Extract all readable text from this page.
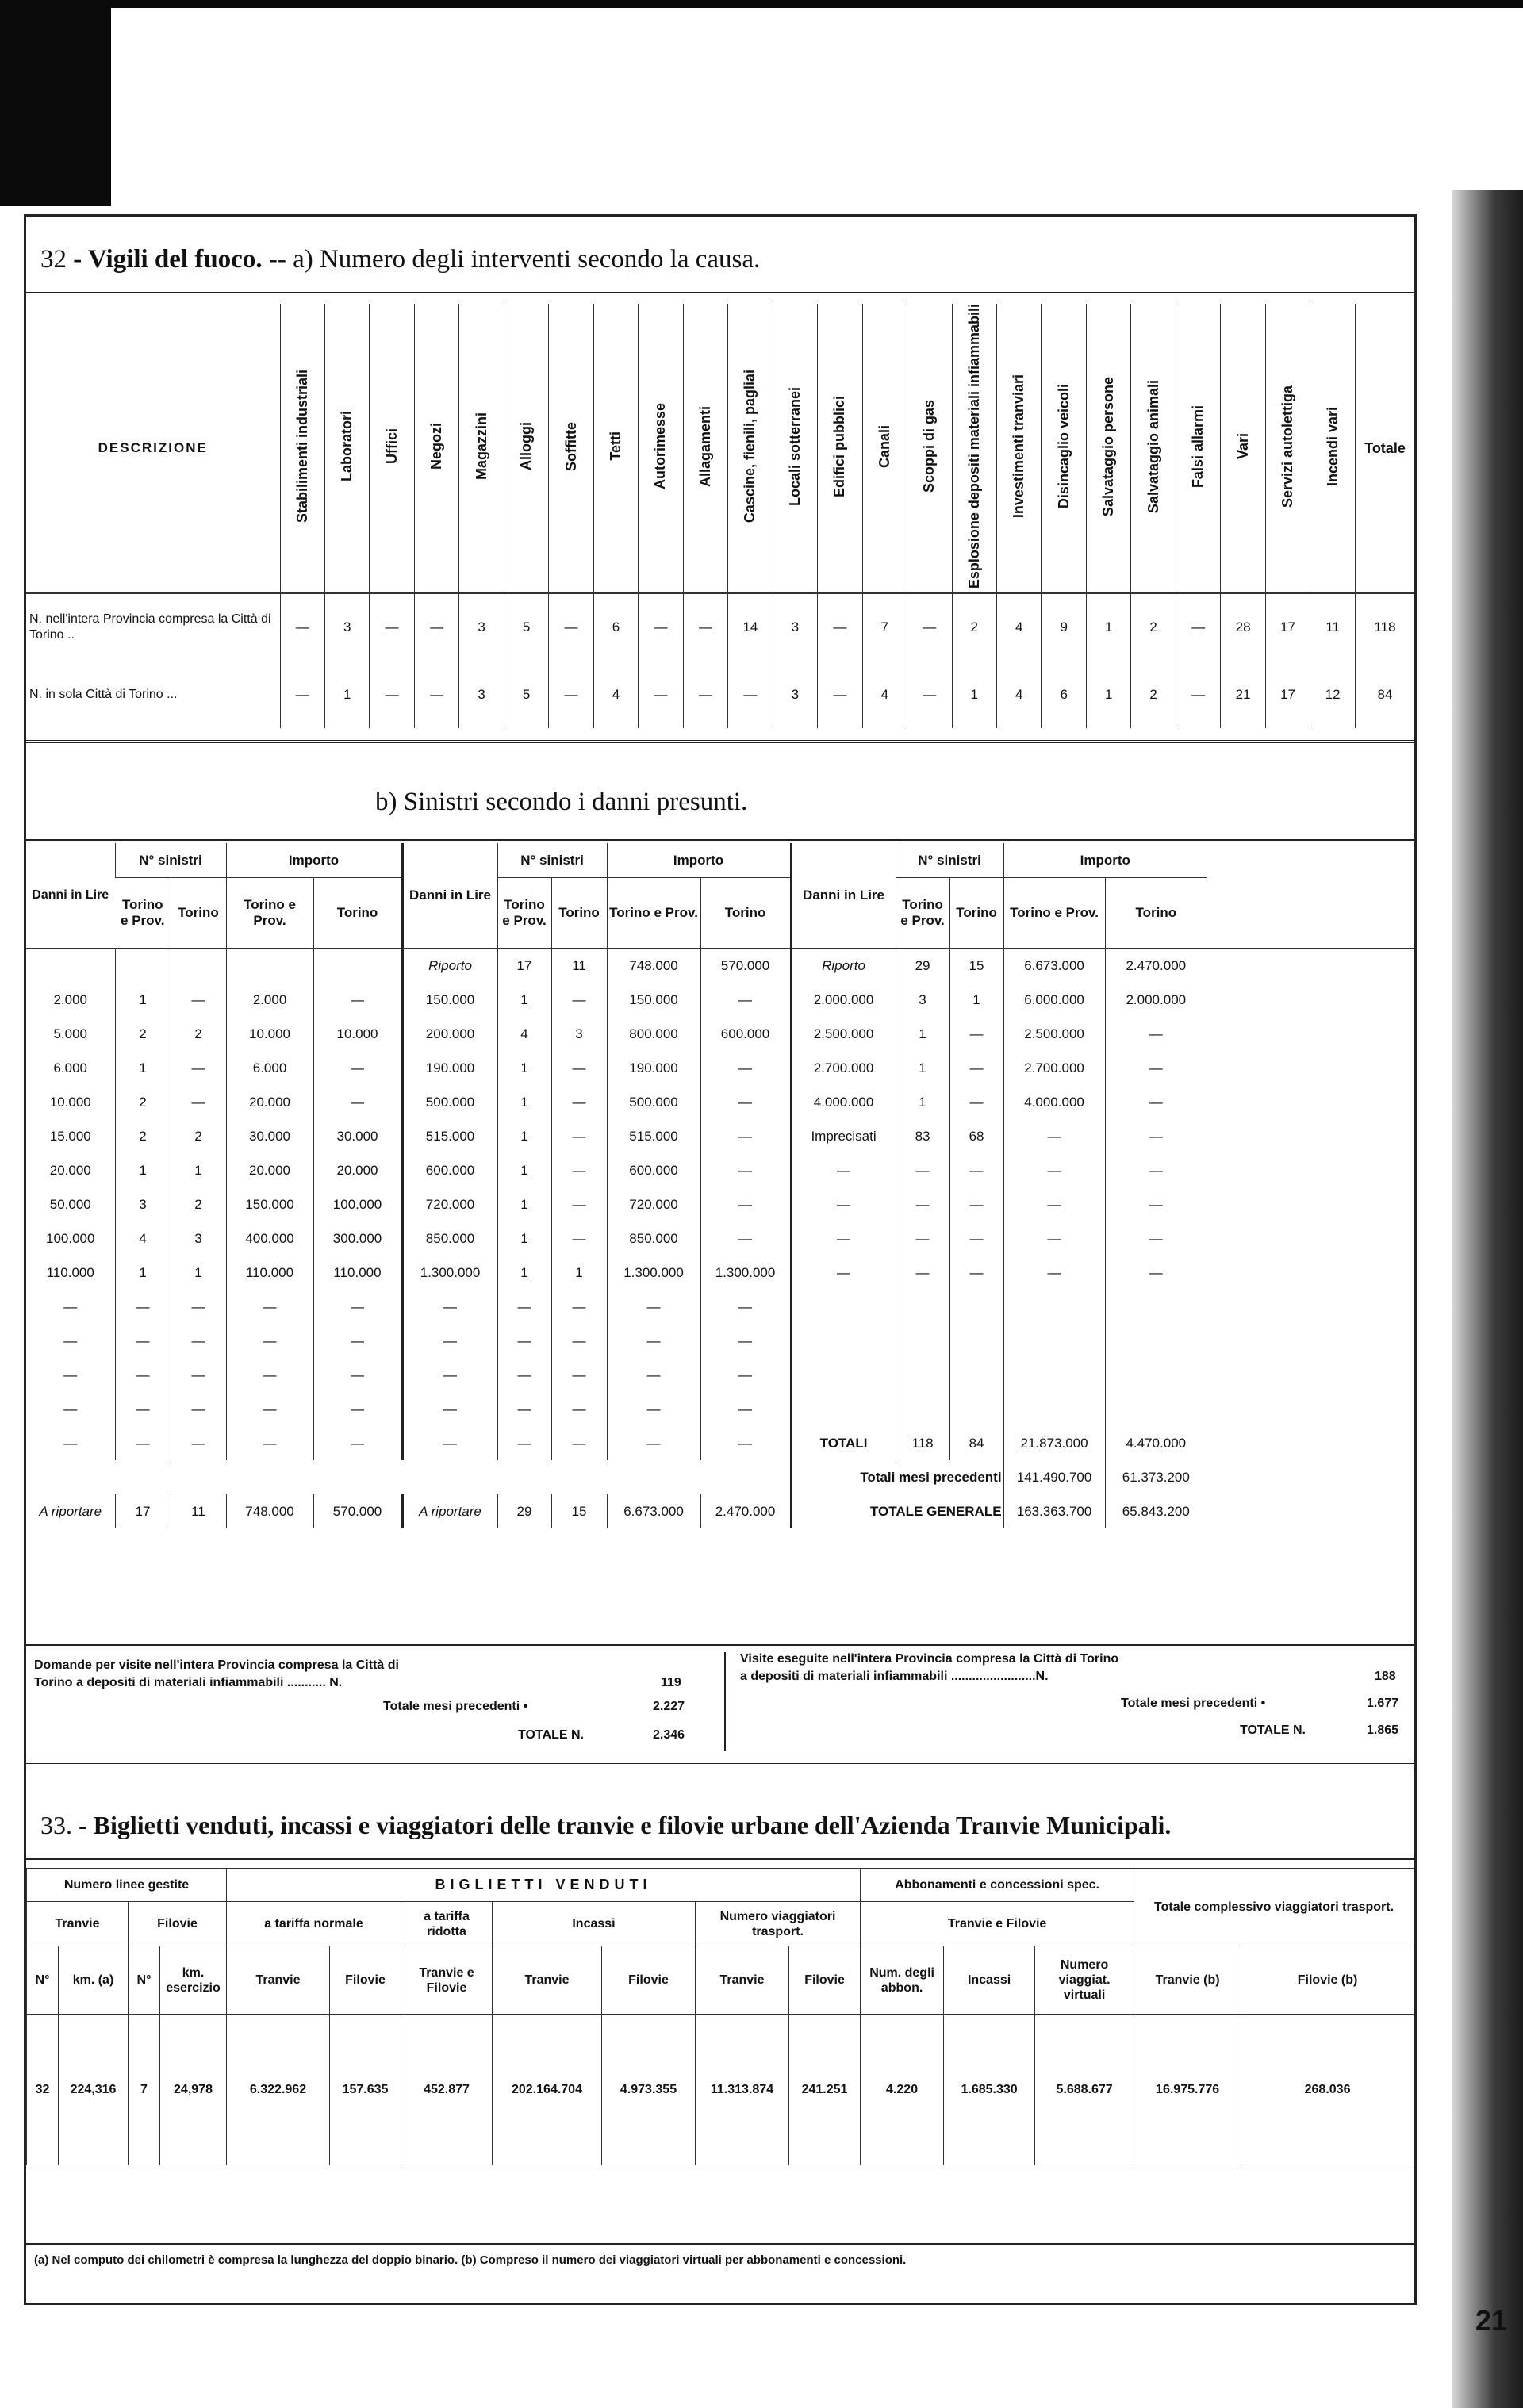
32 - Vigili del fuoco. -- a) Numero degli interventi secondo la causa.
DESCRIZIONE	Stabilimenti industriali	Laboratori	Uffici	Negozi	Magazzini	Alloggi	Soffitte	Tetti	Autorimesse	Allagamenti	Cascine, fienili, pagliai	Locali sotterranei	Edifici pubblici	Canali	Scoppi di gas	Esplosione depositi materiali infiammabili	Investimenti tranviari	Disincaglio veicoli	Salvataggio persone	Salvataggio animali	Falsi allarmi	Vari	Servizi autolettiga	Incendi vari	Totale
N. nell'intera Provincia compresa la Città di Torino ..	—	3	—	—	3	5	—	6	—	—	14	3	—	7	—	2	4	9	1	2	—	28	17	11	118
N. in sola Città di Torino ...	—	1	—	—	3	5	—	4	—	—	—	3	—	4	—	1	4	6	1	2	—	21	17	12	84
b) Sinistri secondo i danni presunti.
Danni in Lire	N° sinistri		Importo		Danni in Lire	N° sinistri		Importo		Danni in Lire	N° sinistri		Importo		
	Torino e Prov.	Torino	Torino e Prov.	Torino		Torino e Prov.	Torino	Torino e Prov.	Torino		Torino e Prov.	Torino	Torino e Prov.	Torino	
					Riporto	17	11	748.000	570.000	Riporto	29	15	6.673.000	2.470.000	
2.000	1	—	2.000	—	150.000	1	—	150.000	—	2.000.000	3	1	6.000.000	2.000.000	
5.000	2	2	10.000	10.000	200.000	4	3	800.000	600.000	2.500.000	1	—	2.500.000	—	
6.000	1	—	6.000	—	190.000	1	—	190.000	—	2.700.000	1	—	2.700.000	—	
10.000	2	—	20.000	—	500.000	1	—	500.000	—	4.000.000	1	—	4.000.000	—	
15.000	2	2	30.000	30.000	515.000	1	—	515.000	—	Imprecisati	83	68	—	—	
20.000	1	1	20.000	20.000	600.000	1	—	600.000	—	—	—	—	—	—	
50.000	3	2	150.000	100.000	720.000	1	—	720.000	—	—	—	—	—	—	
100.000	4	3	400.000	300.000	850.000	1	—	850.000	—	—	—	—	—	—	
110.000	1	1	110.000	110.000	1.300.000	1	1	1.300.000	1.300.000	—	—	—	—	—	
—	—	—	—	—	—	—	—	—	—						
—	—	—	—	—	—	—	—	—	—						
—	—	—	—	—	—	—	—	—	—						
—	—	—	—	—	—	—	—	—	—						
—	—	—	—	—	—	—	—	—	—	TOTALI	118	84	21.873.000	4.470.000	
										Totali mesi precedenti			141.490.700	61.373.200	
A riportare	17	11	748.000	570.000	A riportare	29	15	6.673.000	2.470.000	TOTALE GENERALE			163.363.700	65.843.200	
Domande per visite nell'intera Provincia compresa la Città di
Torino a depositi di materiali infiammabili ........... N.	119
Totale mesi precedenti •	2.227
TOTALE N.	2.346
Visite eseguite nell'intera Provincia compresa la Città di Torino
a depositi di materiali infiammabili ........................N.	188
Totale mesi precedenti •	1.677
TOTALE N.	1.865
33. - Biglietti venduti, incassi e viaggiatori delle tranvie e filovie urbane dell'Azienda Tranvie Municipali.
Numero linee gestite				BIGLIETTI VENDUTI							Abbonamenti e concessioni spec.			Totale complessivo viaggiatori trasport.	
Tranvie		Filovie		a tariffa normale		a tariffa ridotta	Incassi		Numero viaggiatori trasport.		Tranvie e Filovie				
N°	km. (a)	N°	km. esercizio	Tranvie	Filovie	Tranvie e Filovie	Tranvie	Filovie	Tranvie	Filovie	Num. degli abbon.	Incassi	Numero viaggiat. virtuali	Tranvie (b)	Filovie (b)
32	224,316	7	24,978	6.322.962	157.635	452.877	202.164.704	4.973.355	11.313.874	241.251	4.220	1.685.330	5.688.677	16.975.776	268.036
(a) Nel computo dei chilometri è compresa la lunghezza del doppio binario. (b) Compreso il numero dei viaggiatori virtuali per abbonamenti e concessioni.
21
